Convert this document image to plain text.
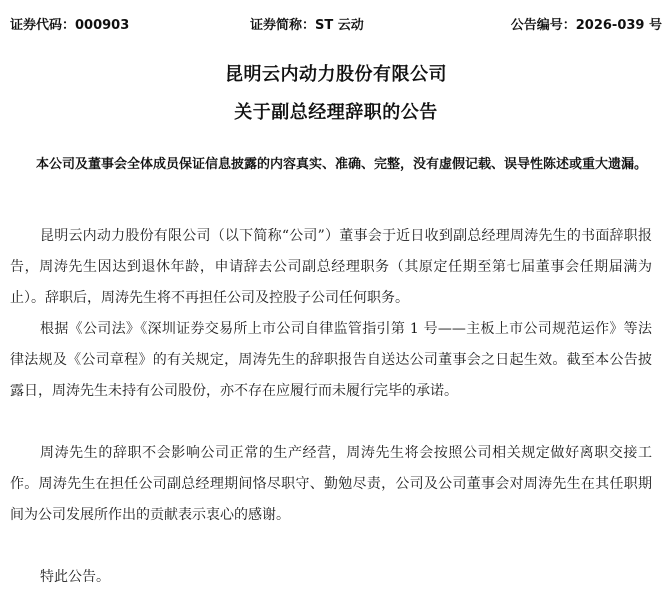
证券代码：000903	证券简称：ST 云动	公告编号：2026-039 号
昆明云内动力股份有限公司
关于副总经理辞职的公告
本公司及董事会全体成员保证信息披露的内容真实、准确、完整，没有虚假记载、误导性陈述或重大遗漏。

昆明云内动力股份有限公司（以下简称“公司”）董事会于近日收到副总经理周涛先生的书面辞职报告，周涛先生因达到退休年龄，申请辞去公司副总经理职务（其原定任期至第七届董事会任期届满为止）。辞职后，周涛先生将不再担任公司及控股子公司任何职务。

根据《公司法》《深圳证券交易所上市公司自律监管指引第 1 号——主板上市公司规范运作》等法律法规及《公司章程》的有关规定，周涛先生的辞职报告自送达公司董事会之日起生效。截至本公告披露日，周涛先生未持有公司股份，亦不存在应履行而未履行完毕的承诺。

周涛先生的辞职不会影响公司正常的生产经营，周涛先生将会按照公司相关规定做好离职交接工作。周涛先生在担任公司副总经理期间恪尽职守、勤勉尽责，公司及公司董事会对周涛先生在其任职期间为公司发展所作出的贡献表示衷心的感谢。

特此公告。
